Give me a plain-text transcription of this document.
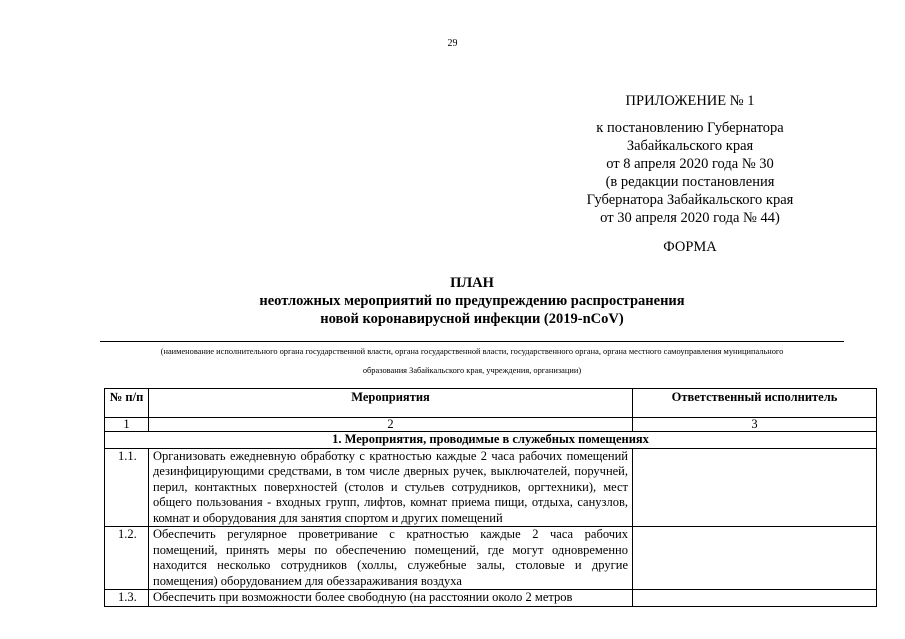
29
ПРИЛОЖЕНИЕ № 1
к постановлению Губернатора
Забайкальского края
от 8 апреля 2020 года № 30
(в редакции постановления
Губернатора Забайкальского края
от 30 апреля 2020 года № 44)
ФОРМА
ПЛАН
неотложных мероприятий по предупреждению распространения
новой коронавирусной инфекции (2019-nCoV)
(наименование исполнительного органа государственной власти, органа государственной власти, государственного органа, органа местного самоуправления муниципального
образования Забайкальского края, учреждения, организации)
№ п/п	Мероприятия	Ответственный исполнитель
1	2	3
1. Мероприятия, проводимые в служебных помещениях		
1.1.	Организовать ежедневную обработку с кратностью каждые 2 часа рабочих помещений дезинфицирующими средствами, в том числе дверных ручек, выключателей, поручней, перил, контактных поверхностей (столов и стульев сотрудников, оргтехники), мест общего пользования - входных групп, лифтов, комнат приема пищи, отдыха, санузлов, комнат и оборудования для занятия спортом и других помещений	
1.2.	Обеспечить регулярное проветривание с кратностью каждые 2 часа рабочих помещений, принять меры по обеспечению помещений, где могут одновременно находится несколько сотрудников (холлы, служебные залы, столовые и другие помещения) оборудованием для обеззараживания воздуха	
1.3.	Обеспечить при возможности более свободную (на расстоянии около 2 метров	
